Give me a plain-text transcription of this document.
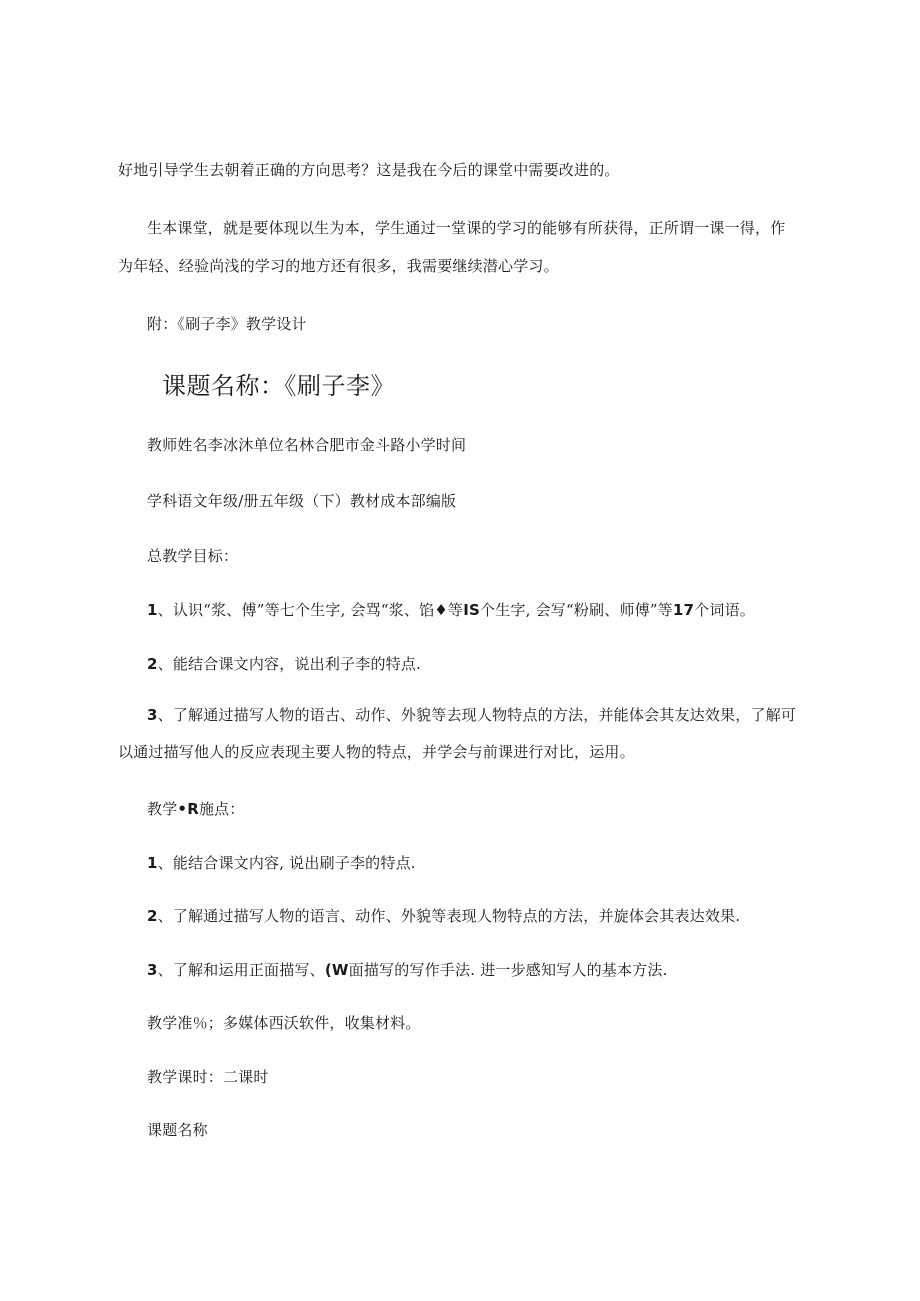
好地引导学生去朝着正确的方向思考？这是我在今后的课堂中需要改进的。
生本课堂，就是要体现以生为本，学生通过一堂课的学习的能够有所获得，正所谓一课一得，作
为年轻、经验尚浅的学习的地方还有很多，我需要继续潜心学习。
附：《刷子李》教学设计
课题名称：《刷子李》
教师姓名李冰沐单位名林合肥市金斗路小学时间
学科语文年级/册五年级（下）教材成本部编版
总教学目标：
1、认识“浆、傅”等七个生字, 会骂“浆、馅♦等IS个生字, 会写“粉刷、师傅”等17个词语。
2、能结合课文内容，说出利子李的特点.
3、了解通过描写人物的语古、动作、外貌等去现人物特点的方法，并能体会其友达效果，了解可
以通过描写他人的反应表现主要人物的特点，并学会与前课进行对比，运用。
教学•R施点：
1、能结合课文内容, 说出刷子李的特点.
2、了解通过描写人物的语言、动作、外貌等表现人物特点的方法，并旋体会其表达效果.
3、了解和运用正面描写、(W面描写的写作手法. 进一步感知写人的基本方法.
教学准％；多媒体西沃软件，收集材料。
教学课时：二课时
课题名称
